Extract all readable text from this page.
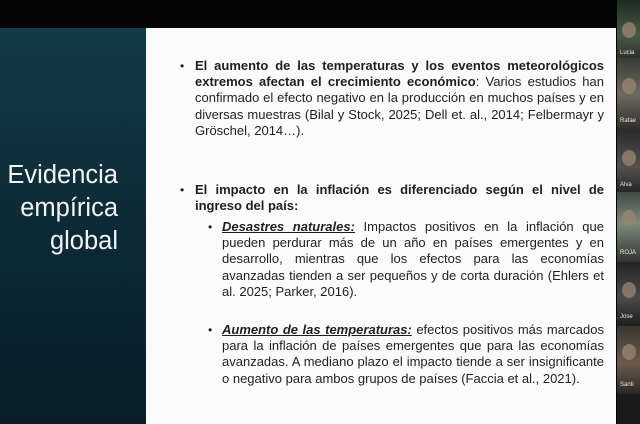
Evidencia
empírica
global
• El aumento de las temperaturas y los eventos meteorológicos extremos afectan el crecimiento económico: Varios estudios han confirmado el efecto negativo en la producción en muchos países y en diversas muestras (Bilal y Stock, 2025; Dell et. al., 2014; Felbermayr y Gröschel, 2014…).
• El impacto en la inflación es diferenciado según el nivel de ingreso del país:
• Desastres naturales: Impactos positivos en la inflación que pueden perdurar más de un año en países emergentes y en desarrollo, mientras que los efectos para las economías avanzadas tienden a ser pequeños y de corta duración (Ehlers et al. 2025; Parker, 2016).
• Aumento de las temperaturas: efectos positivos más marcados para la inflación de países emergentes que para las economías avanzadas. A mediano plazo el impacto tiende a ser insignificante o negativo para ambos grupos de países (Faccia et al., 2021).
Lucia
Rafae
Alva
ROJA
Jose
Santi
